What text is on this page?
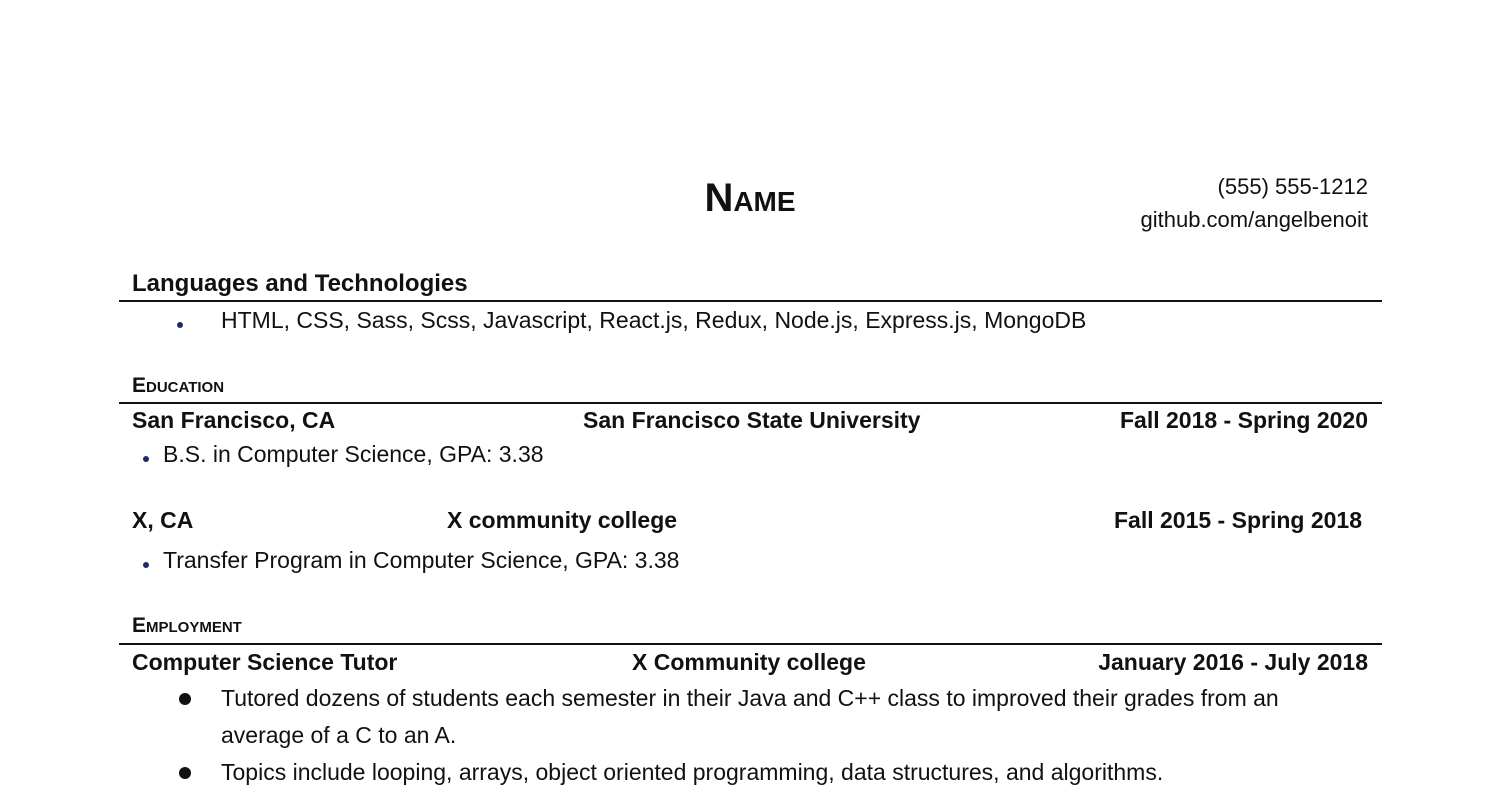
Name	(555) 555-1212
github.com/angelbenoit
Languages and Technologies
HTML, CSS, Sass, Scss, Javascript, React.js, Redux, Node.js, Express.js, MongoDB
Education
San Francisco, CA	San Francisco State University	Fall 2018 - Spring 2020
B.S. in Computer Science, GPA: 3.38
X, CA	X community college	Fall 2015 - Spring 2018
Transfer Program in Computer Science, GPA: 3.38
Employment
Computer Science Tutor	X Community college	January 2016 - July 2018
Tutored dozens of students each semester in their Java and C++ class to improved their grades from an
average of a C to an A.
Topics include looping, arrays, object oriented programming, data structures, and algorithms.
